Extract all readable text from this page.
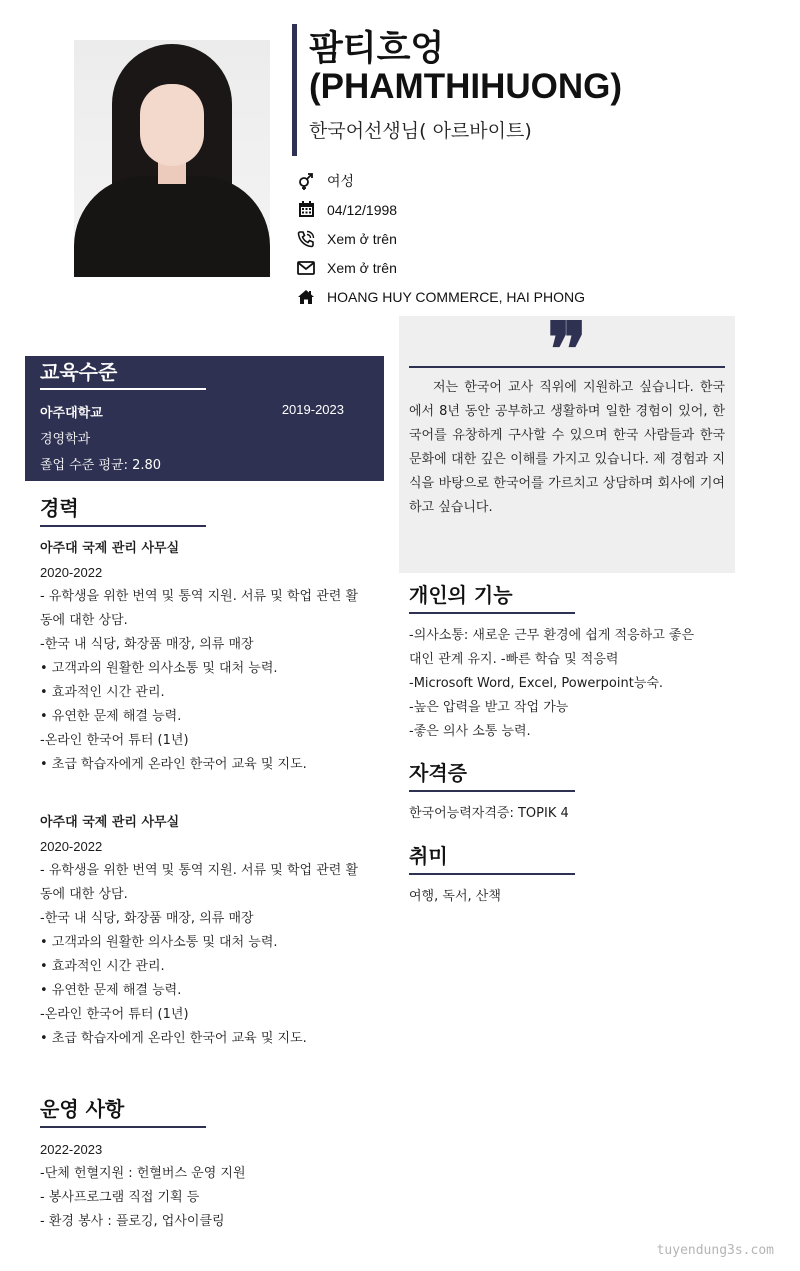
팜티흐엉
(PHAMTHIHUONG)
한국어선생님( 아르바이트)
여성
04/12/1998
Xem ở trên
Xem ở trên
HOANG HUY COMMERCE, HAI PHONG
교육수준
아주대학교	2019-2023
경영학과
졸업 수준 평균: 2.80
경력
아주대 국제 관리 사무실
2020-2022
- 유학생을 위한 번역 및 통역 지원. 서류 및 학업 관련 활
동에 대한 상담.
-한국 내 식당, 화장품 매장, 의류 매장
• 고객과의 원활한 의사소통 및 대처 능력.
• 효과적인 시간 관리.
• 유연한 문제 해결 능력.
-온라인 한국어 튜터 (1년)
• 초급 학습자에게 온라인 한국어 교육 및 지도.
아주대 국제 관리 사무실
2020-2022
- 유학생을 위한 번역 및 통역 지원. 서류 및 학업 관련 활
동에 대한 상담.
-한국 내 식당, 화장품 매장, 의류 매장
• 고객과의 원활한 의사소통 및 대처 능력.
• 효과적인 시간 관리.
• 유연한 문제 해결 능력.
-온라인 한국어 튜터 (1년)
• 초급 학습자에게 온라인 한국어 교육 및 지도.
운영 사항
2022-2023
-단체 헌혈지원 : 헌혈버스 운영 지원
- 봉사프로그램 직접 기획 등
- 환경 봉사 : 플로깅, 업사이클링
❞
저는 한국어 교사 직위에 지원하고 싶습니다. 한국에서 8년 동안 공부하고 생활하며 일한 경험이 있어, 한국어를 유창하게 구사할 수 있으며 한국 사람들과 한국 문화에 대한 깊은 이해를 가지고 있습니다. 제 경험과 지식을 바탕으로 한국어를 가르치고 상담하며 회사에 기여하고 싶습니다.
개인의 기능
-의사소통: 새로운 근무 환경에 쉽게 적응하고 좋은
대인 관계 유지. -빠른 학습 및 적응력
-Microsoft Word, Excel, Powerpoint능숙.
-높은 압력을 받고 작업 가능
-좋은 의사 소통 능력.
자격증
한국어능력자격증: TOPIK 4
취미
여행, 독서, 산책
tuyendung3s.com
